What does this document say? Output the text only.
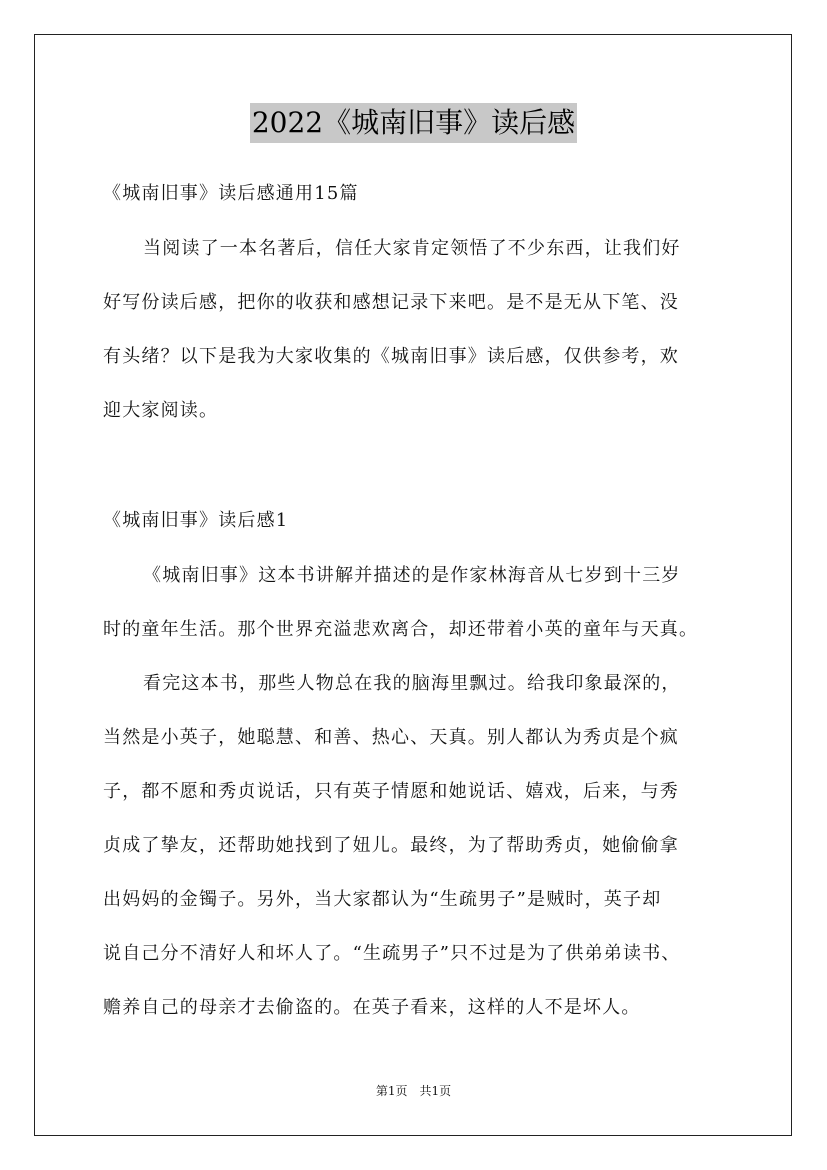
2022《城南旧事》读后感
《城南旧事》读后感通用15篇
当阅读了一本名著后，信任大家肯定领悟了不少东西，让我们好
好写份读后感，把你的收获和感想记录下来吧。是不是无从下笔、没
有头绪？以下是我为大家收集的《城南旧事》读后感，仅供参考，欢
迎大家阅读。
《城南旧事》读后感1
《城南旧事》这本书讲解并描述的是作家林海音从七岁到十三岁
时的童年生活。那个世界充溢悲欢离合，却还带着小英的童年与天真。
看完这本书，那些人物总在我的脑海里飘过。给我印象最深的，
当然是小英子，她聪慧、和善、热心、天真。别人都认为秀贞是个疯
子，都不愿和秀贞说话，只有英子情愿和她说话、嬉戏，后来，与秀
贞成了挚友，还帮助她找到了妞儿。最终，为了帮助秀贞，她偷偷拿
出妈妈的金镯子。另外，当大家都认为“生疏男子”是贼时，英子却
说自己分不清好人和坏人了。“生疏男子”只不过是为了供弟弟读书、
赡养自己的母亲才去偷盗的。在英子看来，这样的人不是坏人。
第1页　共1页
